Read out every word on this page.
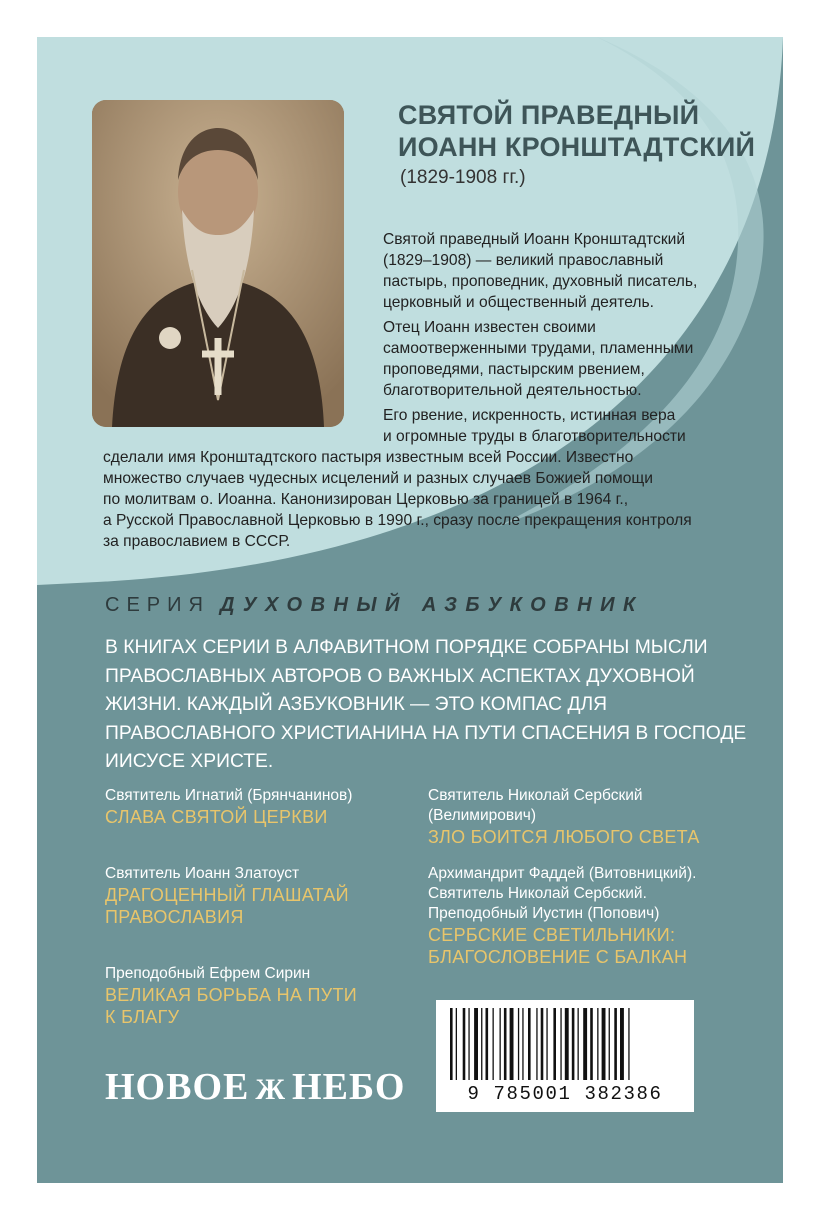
СВЯТОЙ ПРАВЕДНЫЙ
ИОАНН КРОНШТАДТСКИЙ
(1829-1908 гг.)
Святой праведный Иоанн Кронштадтский
(1829–1908) — великий православный
пастырь, проповедник, духовный писатель,
церковный и общественный деятель.
Отец Иоанн известен своими
самоотверженными трудами, пламенными
проповедями, пастырским рвением,
благотворительной деятельностью.
Его рвение, искренность, истинная вера
и огромные труды в благотворительности
сделали имя Кронштадтского пастыря известным всей России. Известно
множество случаев чудесных исцелений и разных случаев Божией помощи
по молитвам о. Иоанна. Канонизирован Церковью за границей в 1964 г.,
а Русской Православной Церковью в 1990 г., сразу после прекращения контроля
за православием в СССР.
СЕРИЯ ДУХОВНЫЙ АЗБУКОВНИК
В КНИГАХ СЕРИИ В АЛФАВИТНОМ ПОРЯДКЕ СОБРАНЫ МЫСЛИ
ПРАВОСЛАВНЫХ АВТОРОВ О ВАЖНЫХ АСПЕКТАХ ДУХОВНОЙ
ЖИЗНИ. КАЖДЫЙ АЗБУКОВНИК — ЭТО КОМПАС ДЛЯ
ПРАВОСЛАВНОГО ХРИСТИАНИНА НА ПУТИ СПАСЕНИЯ В ГОСПОДЕ
ИИСУСЕ ХРИСТЕ.
Святитель Игнатий (Брянчанинов)
СЛАВА СВЯТОЙ ЦЕРКВИ
Святитель Иоанн Златоуст
ДРАГОЦЕННЫЙ ГЛАШАТАЙ
ПРАВОСЛАВИЯ
Преподобный Ефрем Сирин
ВЕЛИКАЯ БОРЬБА НА ПУТИ
К БЛАГУ
Святитель Николай Сербский
(Велимирович)
ЗЛО БОИТСЯ ЛЮБОГО СВЕТА
Архимандрит Фаддей (Витовницкий).
Святитель Николай Сербский.
Преподобный Иустин (Попович)
СЕРБСКИЕ СВЕТИЛЬНИКИ:
БЛАГОСЛОВЕНИЕ С БАЛКАН
9 785001 382386
НОВОЕ Ж НЕБО
